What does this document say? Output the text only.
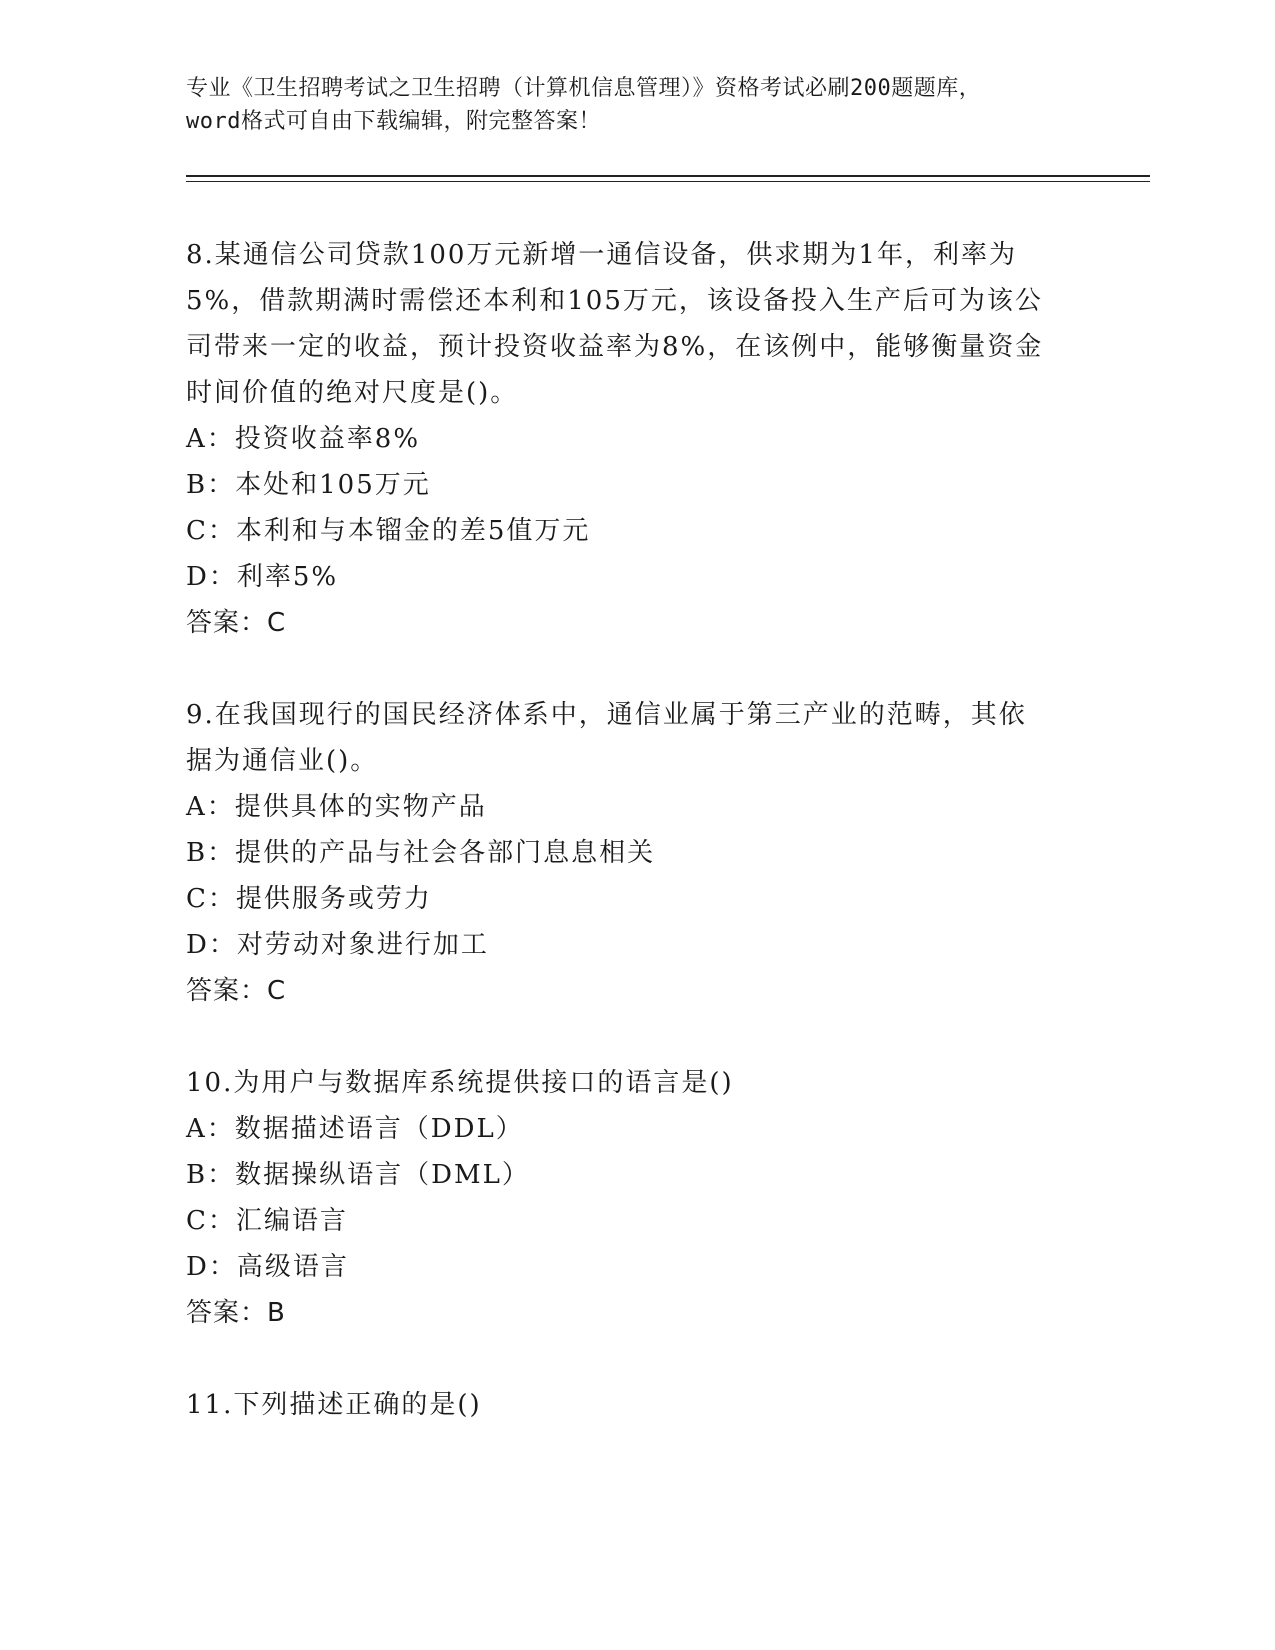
专业《卫生招聘考试之卫生招聘（计算机信息管理）》资格考试必刷200题题库，
word格式可自由下载编辑，附完整答案！
8.某通信公司贷款100万元新增一通信设备，供求期为1年，利率为
5%，借款期满时需偿还本利和105万元，该设备投入生产后可为该公
司带来一定的收益，预计投资收益率为8%，在该例中，能够衡量资金
时间价值的绝对尺度是()。
A：投资收益率8%
B：本处和105万元
C：本利和与本镏金的差5值万元
D：利率5%
答案：C
9.在我国现行的国民经济体系中，通信业属于第三产业的范畴，其依
据为通信业()。
A：提供具体的实物产品
B：提供的产品与社会各部门息息相关
C：提供服务或劳力
D：对劳动对象进行加工
答案：C
10.为用户与数据库系统提供接口的语言是()
A：数据描述语言（DDL）
B：数据操纵语言（DML）
C：汇编语言
D：高级语言
答案：B
11.下列描述正确的是()
